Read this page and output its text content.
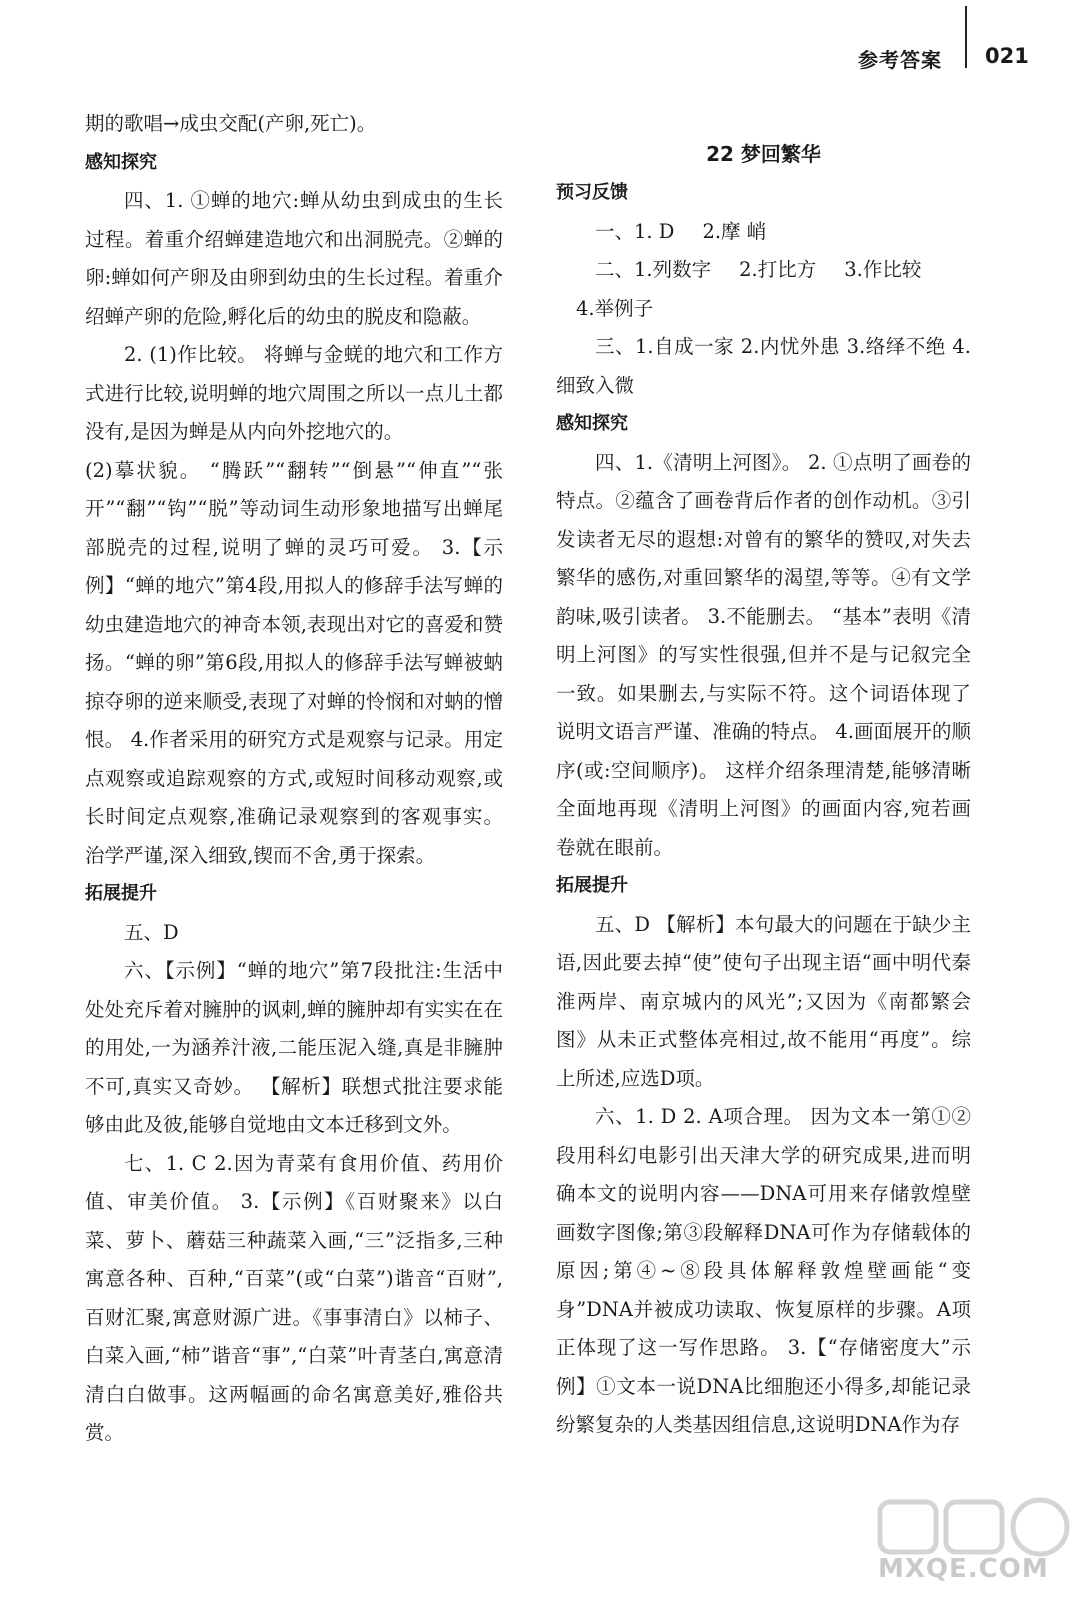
参考答案 021

期的歌唱→成虫交配(产卵,死亡)。

感知探究

四、1. ①蝉的地穴:蝉从幼虫到成虫的生长过程。着重介绍蝉建造地穴和出洞脱壳。②蝉的卵:蝉如何产卵及由卵到幼虫的生长过程。着重介绍蝉产卵的危险,孵化后的幼虫的脱皮和隐蔽。

2. (1)作比较。 将蝉与金蜣的地穴和工作方式进行比较,说明蝉的地穴周围之所以一点儿土都没有,是因为蝉是从内向外挖地穴的。

(2)摹状貌。 “腾跃”“翻转”“倒悬”“伸直”“张开”“翻”“钩”“脱”等动词生动形象地描写出蝉尾部脱壳的过程,说明了蝉的灵巧可爱。 3.【示例】“蝉的地穴”第4段,用拟人的修辞手法写蝉的幼虫建造地穴的神奇本领,表现出对它的喜爱和赞扬。“蝉的卵”第6段,用拟人的修辞手法写蝉被蚋掠夺卵的逆来顺受,表现了对蝉的怜悯和对蚋的憎恨。 4.作者采用的研究方式是观察与记录。用定点观察或追踪观察的方式,或短时间移动观察,或长时间定点观察,准确记录观察到的客观事实。 治学严谨,深入细致,锲而不舍,勇于探索。

拓展提升

五、D

六、【示例】“蝉的地穴”第7段批注:生活中处处充斥着对臃肿的讽刺,蝉的臃肿却有实实在在的用处,一为涵养汁液,二能压泥入缝,真是非臃肿不可,真实又奇妙。 【解析】联想式批注要求能够由此及彼,能够自觉地由文本迁移到文外。

七、1. C 2.因为青菜有食用价值、药用价值、审美价值。 3.【示例】《百财聚来》以白菜、萝卜、蘑菇三种蔬菜入画,“三”泛指多,三种寓意各种、百种,“百菜”(或“白菜”)谐音“百财”,百财汇聚,寓意财源广进。《事事清白》以柿子、白菜入画,“柿”谐音“事”,“白菜”叶青茎白,寓意清清白白做事。这两幅画的命名寓意美好,雅俗共赏。

22 梦回繁华
预习反馈

一、1. D 2.摩 峭

二、1.列数字 2.打比方 3.作比较

4.举例子

三、1.自成一家 2.内忧外患 3.络绎不绝 4.细致入微

感知探究

四、1.《清明上河图》。 2. ①点明了画卷的特点。②蕴含了画卷背后作者的创作动机。③引发读者无尽的遐想:对曾有的繁华的赞叹,对失去繁华的感伤,对重回繁华的渴望,等等。④有文学韵味,吸引读者。 3.不能删去。 “基本”表明《清明上河图》的写实性很强,但并不是与记叙完全一致。如果删去,与实际不符。这个词语体现了说明文语言严谨、准确的特点。 4.画面展开的顺序(或:空间顺序)。 这样介绍条理清楚,能够清晰全面地再现《清明上河图》的画面内容,宛若画卷就在眼前。

拓展提升

五、D 【解析】本句最大的问题在于缺少主语,因此要去掉“使”使句子出现主语“画中明代秦淮两岸、南京城内的风光”;又因为《南都繁会图》从未正式整体亮相过,故不能用“再度”。综上所述,应选D项。

六、1. D 2. A项合理。 因为文本一第①②段用科幻电影引出天津大学的研究成果,进而明确本文的说明内容——DNA可用来存储敦煌壁画数字图像;第③段解释DNA可作为存储载体的原因;第④~⑧段具体解释敦煌壁画能“变身”DNA并被成功读取、恢复原样的步骤。A项正体现了这一写作思路。 3.【“存储密度大”示例】①文本一说DNA比细胞还小得多,却能记录纷繁复杂的人类基因组信息,这说明DNA作为存

MXQE.COM
